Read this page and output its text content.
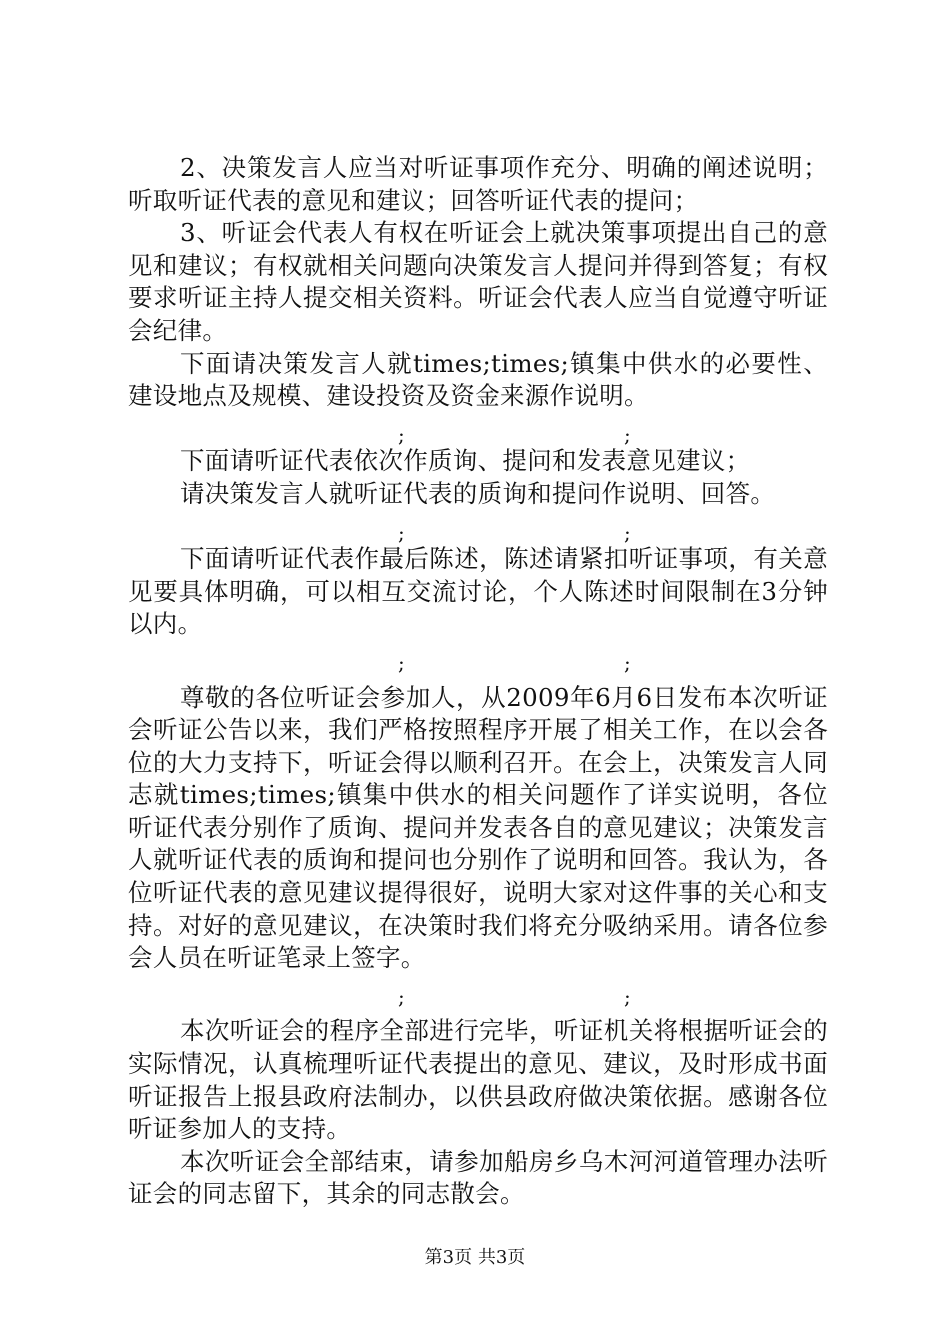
2、决策发言人应当对听证事项作充分、明确的阐述说明；听取听证代表的意见和建议；回答听证代表的提问；

3、听证会代表人有权在听证会上就决策事项提出自己的意见和建议；有权就相关问题向决策发言人提问并得到答复；有权要求听证主持人提交相关资料。听证会代表人应当自觉遵守听证会纪律。

下面请决策发言人就times;times;镇集中供水的必要性、建设地点及规模、建设投资及资金来源作说明。

;	;

下面请听证代表依次作质询、提问和发表意见建议；

请决策发言人就听证代表的质询和提问作说明、回答。

;	;

下面请听证代表作最后陈述，陈述请紧扣听证事项，有关意见要具体明确，可以相互交流讨论，个人陈述时间限制在3分钟以内。

;	;

尊敬的各位听证会参加人，从2009年6月6日发布本次听证会听证公告以来，我们严格按照程序开展了相关工作，在以会各位的大力支持下，听证会得以顺利召开。在会上，决策发言人同志就times;times;镇集中供水的相关问题作了详实说明，各位听证代表分别作了质询、提问并发表各自的意见建议；决策发言人就听证代表的质询和提问也分别作了说明和回答。我认为，各位听证代表的意见建议提得很好，说明大家对这件事的关心和支持。对好的意见建议，在决策时我们将充分吸纳采用。请各位参会人员在听证笔录上签字。

;	;

本次听证会的程序全部进行完毕，听证机关将根据听证会的实际情况，认真梳理听证代表提出的意见、建议，及时形成书面听证报告上报县政府法制办，以供县政府做决策依据。感谢各位听证参加人的支持。

本次听证会全部结束，请参加船房乡乌木河河道管理办法听证会的同志留下，其余的同志散会。

第3页 共3页
